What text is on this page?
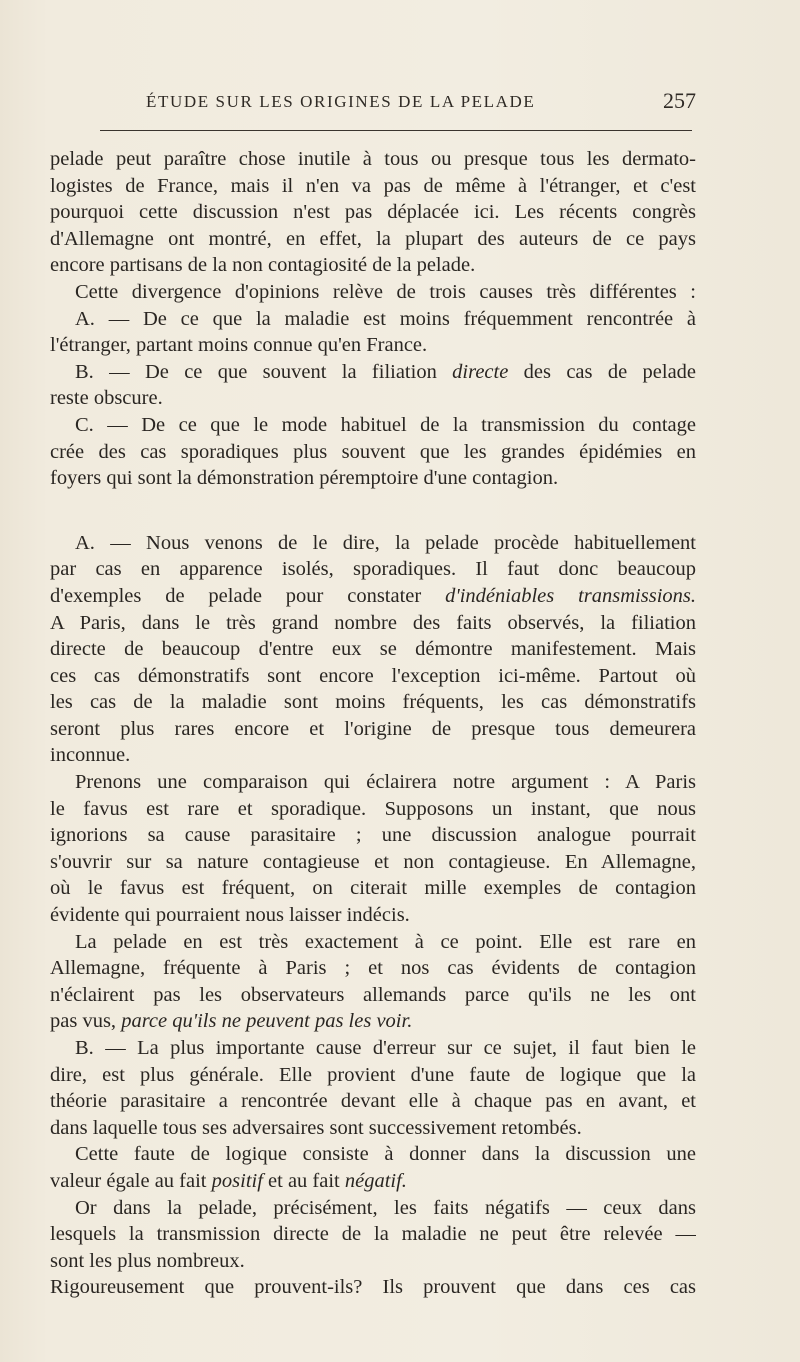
ÉTUDE SUR LES ORIGINES DE LA PELADE	257
pelade peut paraître chose inutile à tous ou presque tous les dermato-
logistes de France, mais il n'en va pas de même à l'étranger, et c'est
pourquoi cette discussion n'est pas déplacée ici. Les récents congrès
d'Allemagne ont montré, en effet, la plupart des auteurs de ce pays
encore partisans de la non contagiosité de la pelade.
Cette divergence d'opinions relève de trois causes très différentes :
A. — De ce que la maladie est moins fréquemment rencontrée à
l'étranger, partant moins connue qu'en France.
B. — De ce que souvent la filiation directe des cas de pelade
reste obscure.
C. — De ce que le mode habituel de la transmission du contage
crée des cas sporadiques plus souvent que les grandes épidémies en
foyers qui sont la démonstration péremptoire d'une contagion.
A. — Nous venons de le dire, la pelade procède habituellement
par cas en apparence isolés, sporadiques. Il faut donc beaucoup
d'exemples de pelade pour constater d'indéniables transmissions.
A Paris, dans le très grand nombre des faits observés, la filiation
directe de beaucoup d'entre eux se démontre manifestement. Mais
ces cas démonstratifs sont encore l'exception ici-même. Partout où
les cas de la maladie sont moins fréquents, les cas démonstratifs
seront plus rares encore et l'origine de presque tous demeurera
inconnue.
Prenons une comparaison qui éclairera notre argument : A Paris
le favus est rare et sporadique. Supposons un instant, que nous
ignorions sa cause parasitaire ; une discussion analogue pourrait
s'ouvrir sur sa nature contagieuse et non contagieuse. En Allemagne,
où le favus est fréquent, on citerait mille exemples de contagion
évidente qui pourraient nous laisser indécis.
La pelade en est très exactement à ce point. Elle est rare en
Allemagne, fréquente à Paris ; et nos cas évidents de contagion
n'éclairent pas les observateurs allemands parce qu'ils ne les ont
pas vus, parce qu'ils ne peuvent pas les voir.
B. — La plus importante cause d'erreur sur ce sujet, il faut bien le
dire, est plus générale. Elle provient d'une faute de logique que la
théorie parasitaire a rencontrée devant elle à chaque pas en avant, et
dans laquelle tous ses adversaires sont successivement retombés.
Cette faute de logique consiste à donner dans la discussion une
valeur égale au fait positif et au fait négatif.
Or dans la pelade, précisément, les faits négatifs — ceux dans
lesquels la transmission directe de la maladie ne peut être relevée —
sont les plus nombreux.
Rigoureusement que prouvent-ils? Ils prouvent que dans ces cas
